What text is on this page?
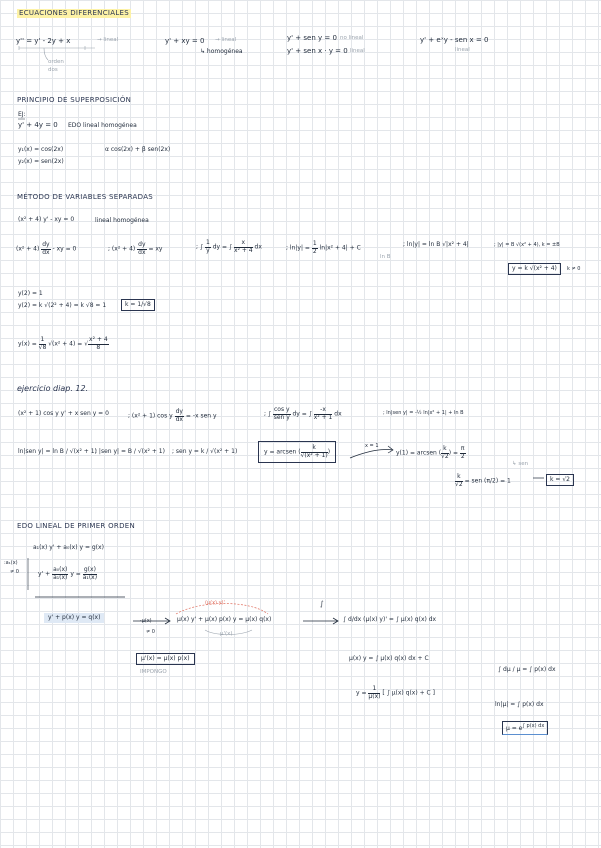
ECUACIONES DIFERENCIALES
y'' = y' - 2y + x	→ lineal
orden
dos
y' + xy = 0 → lineal
↳ homogénea
y' + sen y = 0 no lineal
y' + sen x · y = 0 lineal
y' + eˣy - sen x = 0
lineal
PRINCIPIO DE SUPERPOSICIÓN
EJ:
y' + 4y = 0 EDO lineal homogénea
y₁(x) = cos(2x)
y₂(x) = sen(2x)
α cos(2x) + β sen(2x)
MÉTODO DE VARIABLES SEPARADAS
(x² + 4) y' - xy = 0	lineal homogénea
$(x^2 + 4) \frac{dy}{dx}$ - xy = 0	; $(x^2 + 4) \frac{dy}{dx}$ = xy	; ∫ $\frac{1}{y}$ dy = ∫ $\frac{x}{\text{x² + 4}}$ dx	; $\ln|y| = \frac{1}{2} \ln|x^2 + 4| + C$
ln B
; ln|y| = ln B √|x² + 4|	; |y| = B √(x² + 4), k = ±B
y = k √(x² + 4)	k ≠ 0
y(2) = 1
y(2) = k √(2² + 4) = k √8 = 1	k = 1/√8
$y(x) = \frac{1}{√8} √(x^2 + 4)$ = √ $\frac{\text{x² + 4}}{8}$
ejercicio diap. 12.
(x² + 1) cos y y' + x sen y = 0	; (x² + 1) cos y $\frac{dy}{dx} = -x$ sen y	; ∫ $\frac{\text{cos y}}{\text{sen y}}$ dy = ∫ $\frac{-x}{\text{x² + 1}}$ dx	; ln|sen y| = -½ ln|x² + 1| + ln B
ln|sen y| = ln B / √(x² + 1)
; |sen y| = B / √(x² + 1) ; sen y = k / √(x² + 1)	y = arcsen ( $\frac{k}{\text{√(x² + 1)}}$ )
x = 1
y(1) = arcsen ( $\frac{k}{√2}$ ) = $\frac{\pi}{2}$
↳ sen
$\frac{k}{√2}$ = sen (π/2) = 1	k = √2
EDO LINEAL DE PRIMER ORDEN
a₁(x) y' + a₀(x) y = g(x)
:a₁(x)
≠ 0	$y' + \frac{\text{a₀(x)}}{\text{a₁(x)}}$ $y = \frac{g(x)}{\text{a₁(x)}}$
y' + p(x) y = q(x)	·μ(x)
≠ 0
μ(x) y' + μ(x) p(x) y = μ(x) q(x)
(μ(x) y)'
μ'(x)
∫
∫ d/dx (μ(x) y)' = ∫ μ(x) q(x) dx
μ'(x) = μ(x) p(x)
IMPONGO
μ(x) y = ∫ μ(x) q(x) dx + C
$y = \frac{1}{\mu(x)}$ [ ∫ μ(x) q(x) + C ]
∫ dμ / μ = ∫ p(x) dx
ln|μ| = ∫ p(x) dx
$\mu = e^{\int p(x) dx}$
